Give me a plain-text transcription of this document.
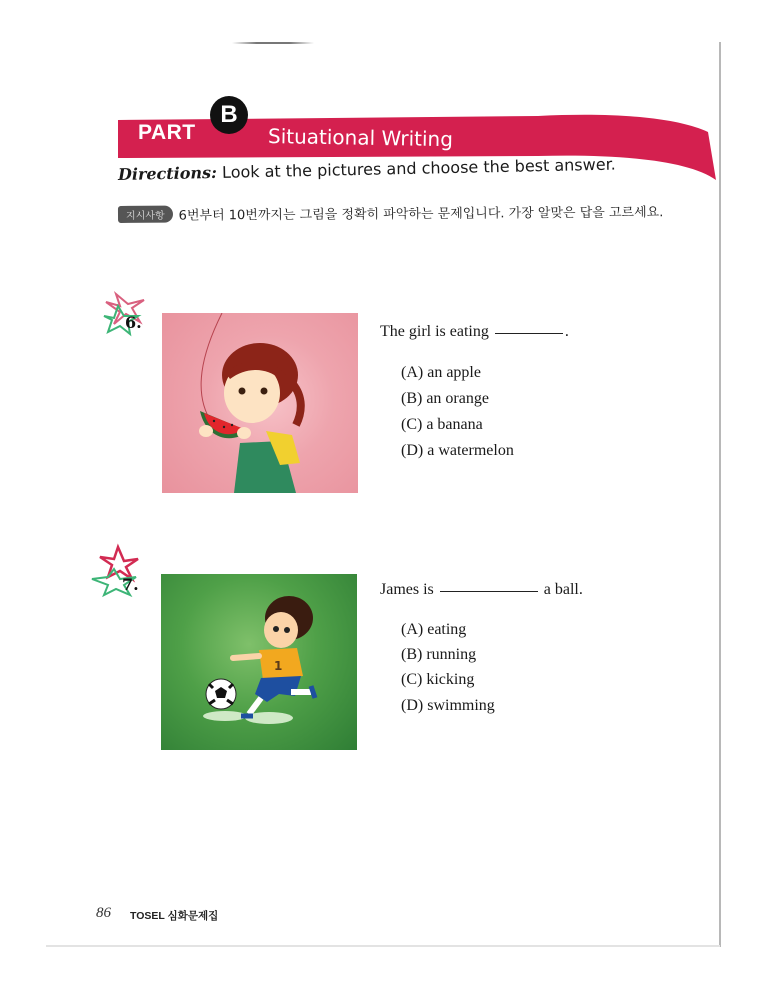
PART
B
Situational Writing
Directions: Look at the pictures and choose the best answer.
지시사항 6번부터 10번까지는 그림을 정확히 파악하는 문제입니다. 가장 알맞은 답을 고르세요.
6.	The girl is eating	.
(A) an apple
(B) an orange
(C) a banana
(D) a watermelon
7.
1
James is	a ball.
(A) eating
(B) running
(C) kicking
(D) swimming
86 TOSEL 심화문제집
